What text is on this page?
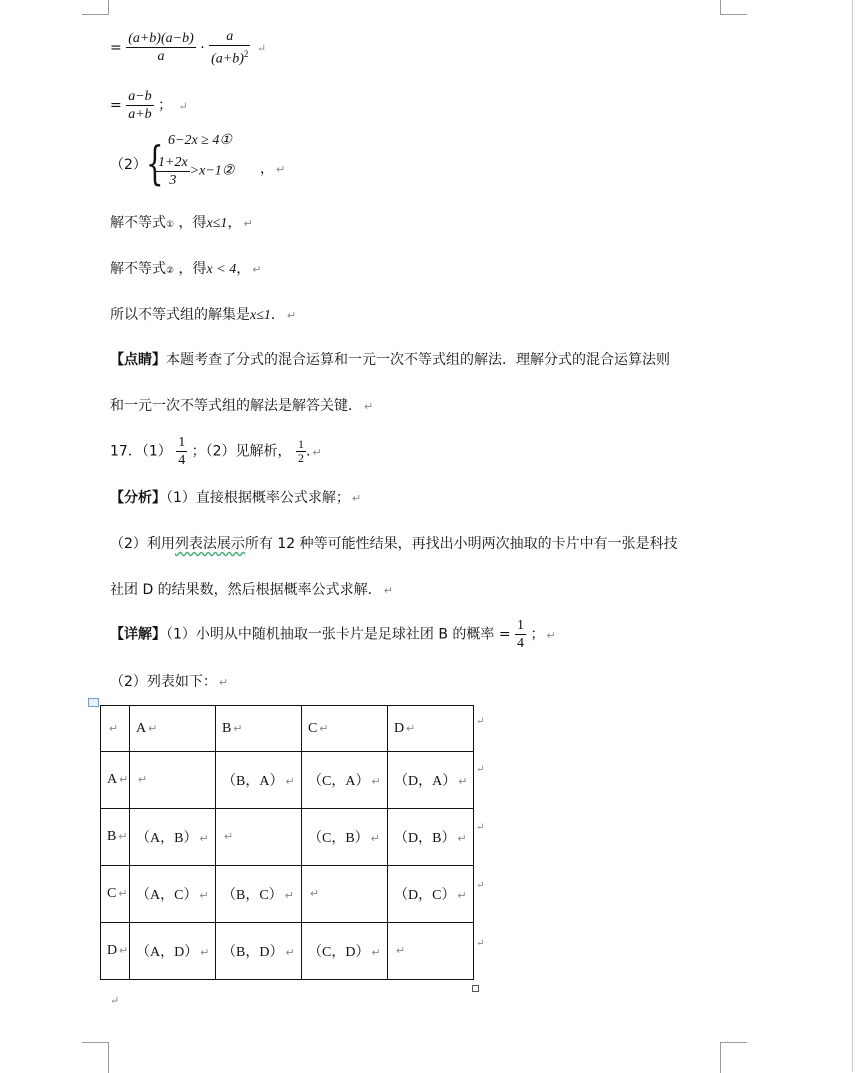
= $\frac{(a+b)(a-b)}{a} \cdot \frac{a}{(a+b)^2}$ ↵
= $\frac{a-b}{a+b}$ ； ↵
（2） { 6−2x ≥ 4①
$\frac{1+2x}{3}$ >x−1② ， ↵
解不等式① ，得x≤1， ↵
解不等式② ，得x < 4， ↵
所以不等式组的解集是x≤1． ↵
【点睛】本题考查了分式的混合运算和一元一次不等式组的解法．理解分式的混合运算法则
和一元一次不等式组的解法是解答关键． ↵
17．$(1) \frac{1}{4}$ ；（2）见解析， $\frac{1}{2}$ . ↵
【分析】（1）直接根据概率公式求解； ↵
（2）利用列表法展示所有 12 种等可能性结果，再找出小明两次抽取的卡片中有一张是科技
社团 D 的结果数，然后根据概率公式求解． ↵
【详解】（1）小明从中随机抽取一张卡片是足球社团 B 的概率 = $\frac{1}{4}$ ； ↵
（2）列表如下： ↵
↵	A ↵	B ↵	C ↵	D ↵
A ↵	↵	（B，A） ↵	（C，A） ↵	（D，A） ↵
B ↵	（A，B） ↵	↵	（C，B） ↵	（D，B） ↵
C ↵	（A，C） ↵	（B，C） ↵	↵	（D，C） ↵
D ↵	（A，D） ↵	（B，D） ↵	（C，D） ↵	↵
↵
↵
↵
↵
↵
↵
